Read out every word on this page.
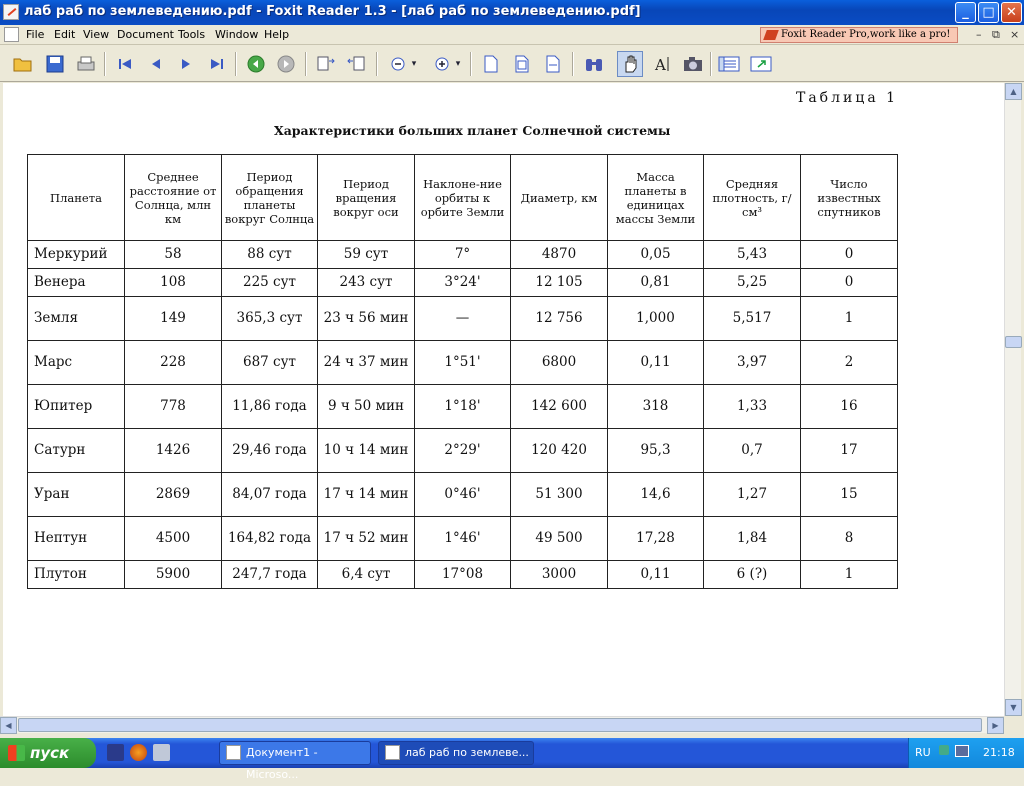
лаб раб по землеведению.pdf - Foxit Reader 1.3 - [лаб раб по землеведению.pdf]	_	□ ✕
File Edit View Document Tools Window Help	Foxit Reader Pro,work like a pro!	– ⧉ ×
▾	▾	A
Таблица 1
Характеристики больших планет Солнечной системы
Планета	Среднее расстояние от Солнца, млн км	Период обращения планеты вокруг Солнца	Период вращения вокруг оси	Наклоне-ние орбиты к орбите Земли	Диаметр, км	Масса планеты в единицах массы Земли	Средняя плотность, г/см³	Число известных спутников
Меркурий	58	88 сут	59 сут	7°	4870	0,05	5,43	0
Венера	108	225 сут	243 сут	3°24'	12 105	0,81	5,25	0
Земля	149	365,3 сут	23 ч 56 мин	—	12 756	1,000	5,517	1
Марс	228	687 сут	24 ч 37 мин	1°51'	6800	0,11	3,97	2
Юпитер	778	11,86 года	9 ч 50 мин	1°18'	142 600	318	1,33	16
Сатурн	1426	29,46 года	10 ч 14 мин	2°29'	120 420	95,3	0,7	17
Уран	2869	84,07 года	17 ч 14 мин	0°46'	51 300	14,6	1,27	15
Нептун	4500	164,82 года	17 ч 52 мин	1°46'	49 500	17,28	1,84	8
Плутон	5900	247,7 года	6,4 сут	17°08	3000	0,11	6 (?)	1
▲
▼
◀	▶
пуск	Документ1 - Microso...
лаб раб по землеве...	RU	21:18
